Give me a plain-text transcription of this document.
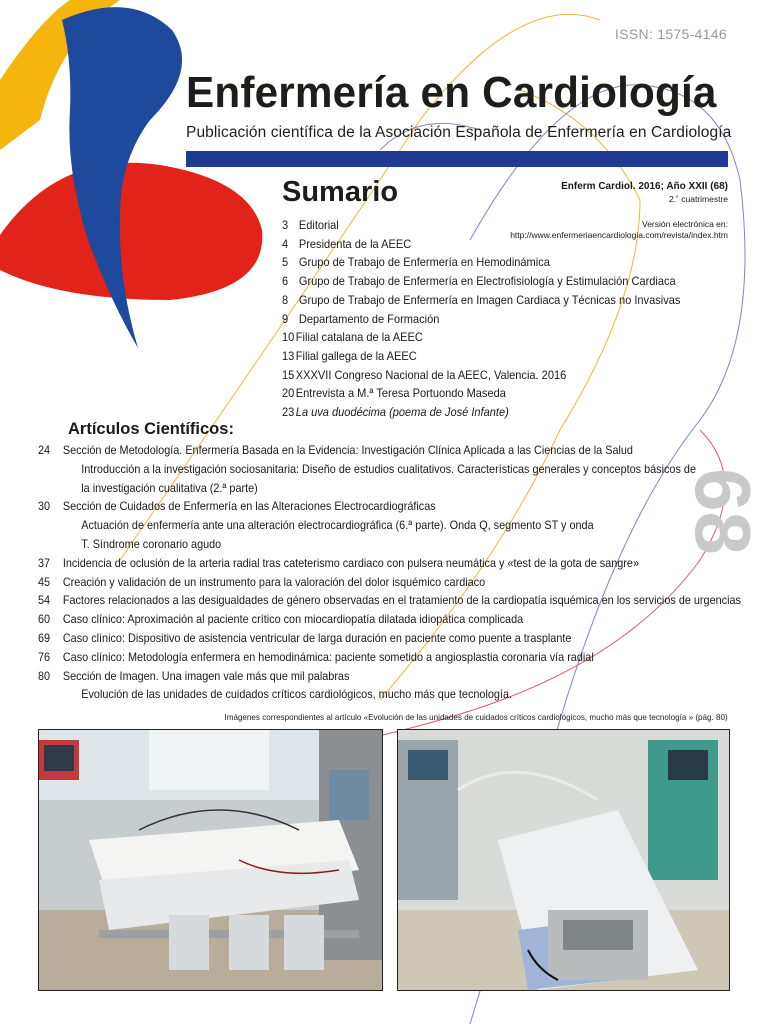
ISSN: 1575-4146
Enfermería en Cardiología
Publicación científica de la Asociación Española de Enfermería en Cardiología
Sumario	Enferm Cardiol. 2016; Año XXII (68)
2.˚ cuatrimestre
Versión electrónica en:
http://www.enfermeriaencardiologia.com/revista/index.htm
3 Editorial
4 Presidenta de la AEEC
5 Grupo de Trabajo de Enfermería en Hemodinámica
6 Grupo de Trabajo de Enfermería en Electrofisiología y Estimulación Cardiaca
8 Grupo de Trabajo de Enfermería en Imagen Cardiaca y Técnicas no Invasivas
9 Departamento de Formación
10 Filial catalana de la AEEC
13 Filial gallega de la AEEC
15 XXXVII Congreso Nacional de la AEEC, Valencia. 2016
20 Entrevista a M.ª Teresa Portuondo Maseda
23 La uva duodécima (poema de José Infante)
Artículos Científicos:
24 Sección de Metodología. Enfermería Basada en la Evidencia: Investigación Clínica Aplicada a las Ciencias de la Salud
Introducción a la investigación sociosanitaria: Diseño de estudios cualitativos. Características generales y conceptos básicos de la investigación cualitativa (2.ª parte)
30 Sección de Cuidados de Enfermería en las Alteraciones Electrocardiográficas
Actuación de enfermería ante una alteración electrocardiográfica (6.ª parte). Onda Q, segmento ST y onda T. Síndrome coronario agudo
37 Incidencia de oclusión de la arteria radial tras cateterismo cardiaco con pulsera neumática y «test de la gota de sangre»
45 Creación y validación de un instrumento para la valoración del dolor isquémico cardiaco
54 Factores relacionados a las desigualdades de género observadas en el tratamiento de la cardiopatía isquémica en los servicios de urgencias
60 Caso clínico: Aproximación al paciente crítico con miocardiopatía dilatada idiopática complicada
69 Caso clínico: Dispositivo de asistencia ventricular de larga duración en paciente como puente a trasplante
76 Caso clínico: Metodología enfermera en hemodinámica: paciente sometido a angiosplastia coronaria vía radial
80 Sección de Imagen. Una imagen vale más que mil palabras
Evolución de las unidades de cuidados críticos cardiológicos, mucho más que tecnología.
68
Imágenes correspondientes al artículo «Evolución de las unidades de cuidados críticos cardiológicos, mucho más que tecnología » (pág. 80)
